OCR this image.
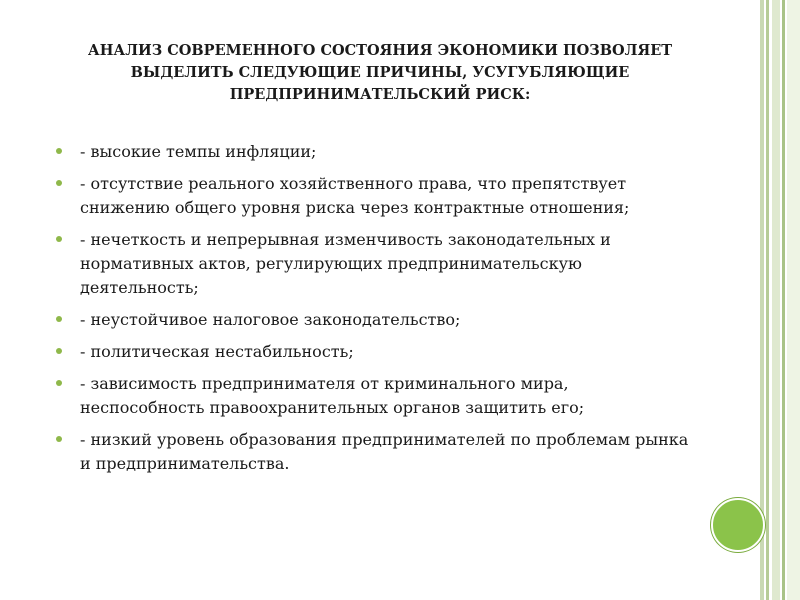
АНАЛИЗ СОВРЕМЕННОГО СОСТОЯНИЯ ЭКОНОМИКИ ПОЗВОЛЯЕТ
ВЫДЕЛИТЬ СЛЕДУЮЩИЕ ПРИЧИНЫ, УСУГУБЛЯЮЩИЕ
ПРЕДПРИНИМАТЕЛЬСКИЙ РИСК:
- высокие темпы инфляции;
- отсутствие реального хозяйственного права, что препятствует
снижению общего уровня риска через контрактные отношения;
- нечеткость и непрерывная изменчивость законодательных и
нормативных актов, регулирующих предпринимательскую
деятельность;
- неустойчивое налоговое законодательство;
- политическая нестабильность;
- зависимость предпринимателя от криминального мира,
неспособность правоохранительных органов защитить его;
- низкий уровень образования предпринимателей по проблемам рынка
и предпринимательства.
